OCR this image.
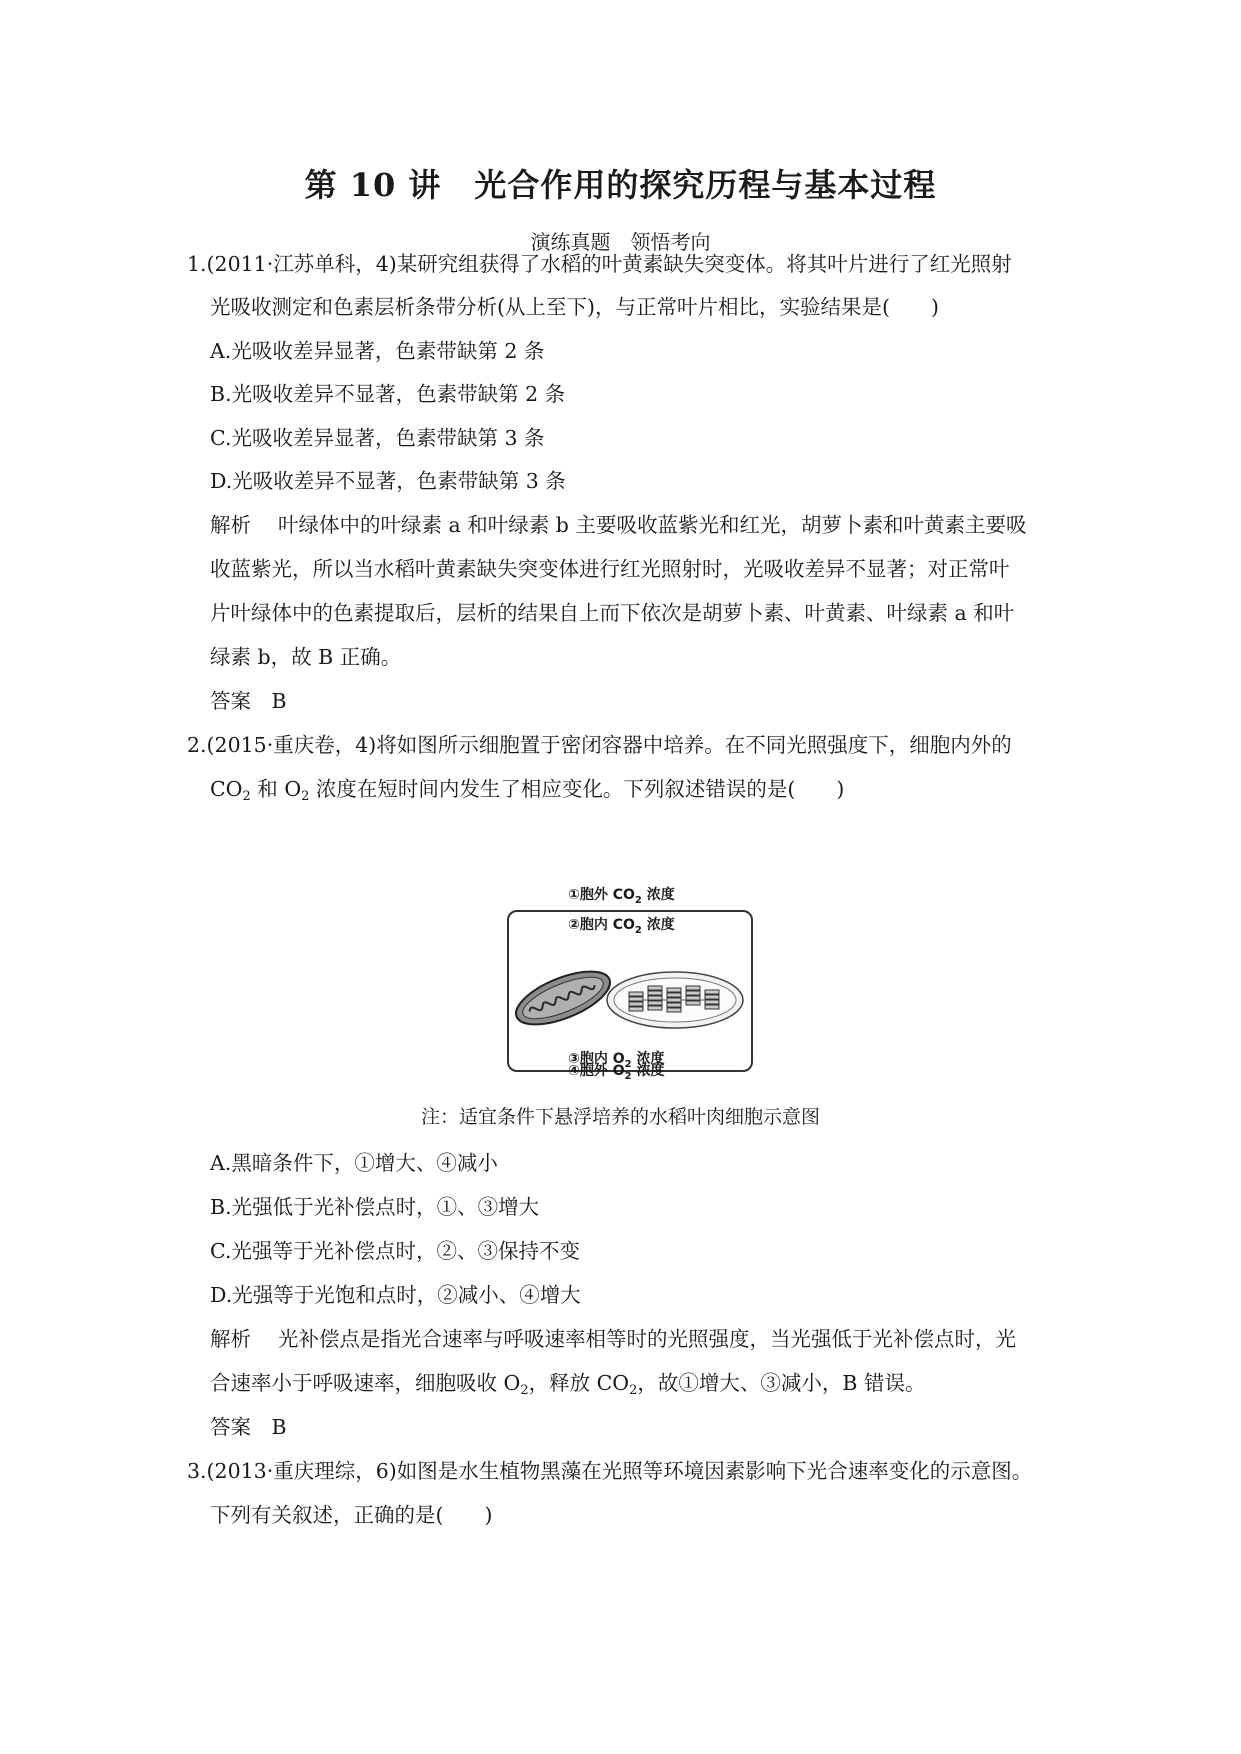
第 10 讲　光合作用的探究历程与基本过程
演练真题　领悟考向
1.(2011·江苏单科，4)某研究组获得了水稻的叶黄素缺失突变体。将其叶片进行了红光照射
光吸收测定和色素层析条带分析(从上至下)，与正常叶片相比，实验结果是(　　)
A.光吸收差异显著，色素带缺第 2 条
B.光吸收差异不显著，色素带缺第 2 条
C.光吸收差异显著，色素带缺第 3 条
D.光吸收差异不显著，色素带缺第 3 条
解析　 叶绿体中的叶绿素 a 和叶绿素 b 主要吸收蓝紫光和红光，胡萝卜素和叶黄素主要吸
收蓝紫光，所以当水稻叶黄素缺失突变体进行红光照射时，光吸收差异不显著；对正常叶
片叶绿体中的色素提取后，层析的结果自上而下依次是胡萝卜素、叶黄素、叶绿素 a 和叶
绿素 b，故 B 正确。
答案　 B
2.(2015·重庆卷，4)将如图所示细胞置于密闭容器中培养。在不同光照强度下，细胞内外的
$CO_2$ 和 $O_2$ 浓度在短时间内发生了相应变化。下列叙述错误的是(　　)
①胞外 $CO_2$ 浓度
②胞内 $CO_2$ 浓度
③胞内 $O_2$ 浓度
④胞外 $O_2$ 浓度
注：适宜条件下悬浮培养的水稻叶肉细胞示意图
A.黑暗条件下，①增大、④减小
B.光强低于光补偿点时，①、③增大
C.光强等于光补偿点时，②、③保持不变
D.光强等于光饱和点时，②减小、④增大
解析　 光补偿点是指光合速率与呼吸速率相等时的光照强度，当光强低于光补偿点时，光
合速率小于呼吸速率，细胞吸收 $O_2$，释放 $CO_2$，故①增大、③减小，B 错误。
答案　 B
3.(2013·重庆理综，6)如图是水生植物黑藻在光照等环境因素影响下光合速率变化的示意图。
下列有关叙述，正确的是(　　)
